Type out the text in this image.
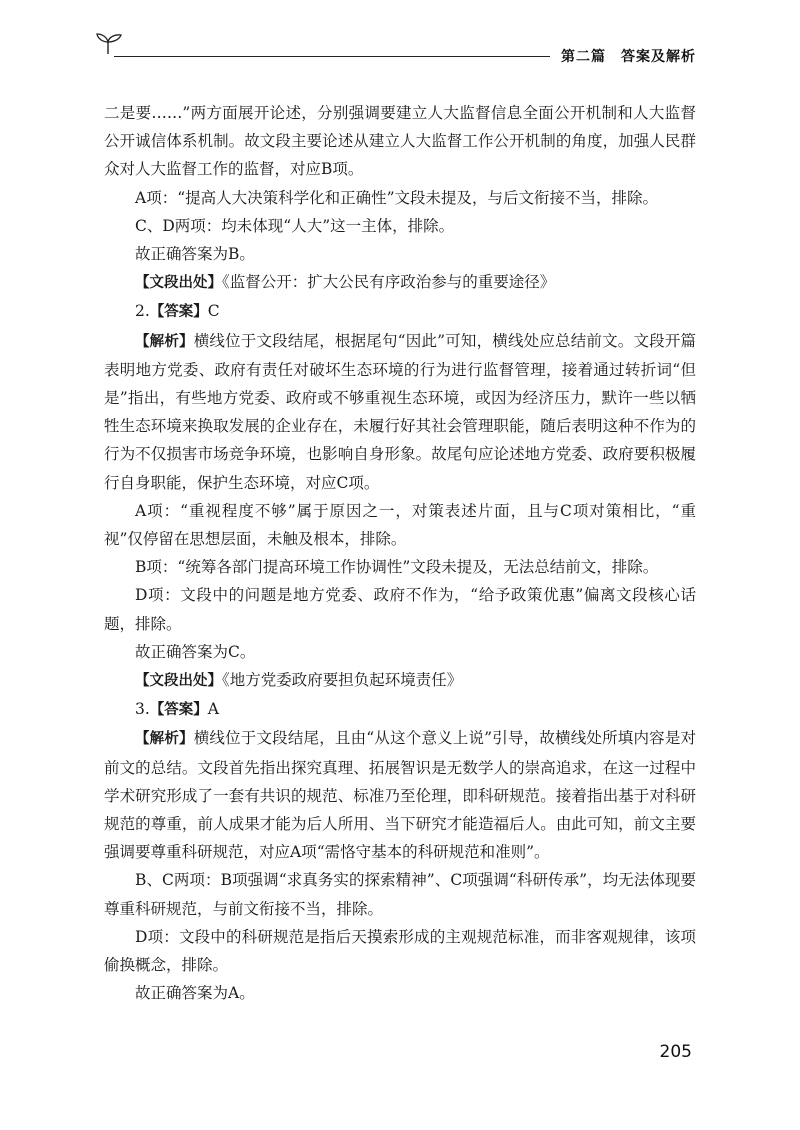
第二篇　答案及解析

二是要……”两方面展开论述，分别强调要建立人大监督信息全面公开机制和人大监督公开诚信体系机制。故文段主要论述从建立人大监督工作公开机制的角度，加强人民群众对人大监督工作的监督，对应B项。

A项：“提高人大决策科学化和正确性”文段未提及，与后文衔接不当，排除。

C、D两项：均未体现“人大”这一主体，排除。

故正确答案为B。

【文段出处】《监督公开：扩大公民有序政治参与的重要途径》

2.【答案】C

【解析】横线位于文段结尾，根据尾句“因此”可知，横线处应总结前文。文段开篇表明地方党委、政府有责任对破坏生态环境的行为进行监督管理，接着通过转折词“但是”指出，有些地方党委、政府或不够重视生态环境，或因为经济压力，默许一些以牺牲生态环境来换取发展的企业存在，未履行好其社会管理职能，随后表明这种不作为的行为不仅损害市场竞争环境，也影响自身形象。故尾句应论述地方党委、政府要积极履行自身职能，保护生态环境，对应C项。

A项：“重视程度不够”属于原因之一，对策表述片面，且与C项对策相比，“重视”仅停留在思想层面，未触及根本，排除。

B项：“统筹各部门提高环境工作协调性”文段未提及，无法总结前文，排除。

D项：文段中的问题是地方党委、政府不作为，“给予政策优惠”偏离文段核心话题，排除。

故正确答案为C。

【文段出处】《地方党委政府要担负起环境责任》

3.【答案】A

【解析】横线位于文段结尾，且由“从这个意义上说”引导，故横线处所填内容是对前文的总结。文段首先指出探究真理、拓展智识是无数学人的崇高追求，在这一过程中学术研究形成了一套有共识的规范、标准乃至伦理，即科研规范。接着指出基于对科研规范的尊重，前人成果才能为后人所用、当下研究才能造福后人。由此可知，前文主要强调要尊重科研规范，对应A项“需恪守基本的科研规范和准则”。

B、C两项：B项强调“求真务实的探索精神”、C项强调“科研传承”，均无法体现要尊重科研规范，与前文衔接不当，排除。

D项：文段中的科研规范是指后天摸索形成的主观规范标准，而非客观规律，该项偷换概念，排除。

故正确答案为A。

205
